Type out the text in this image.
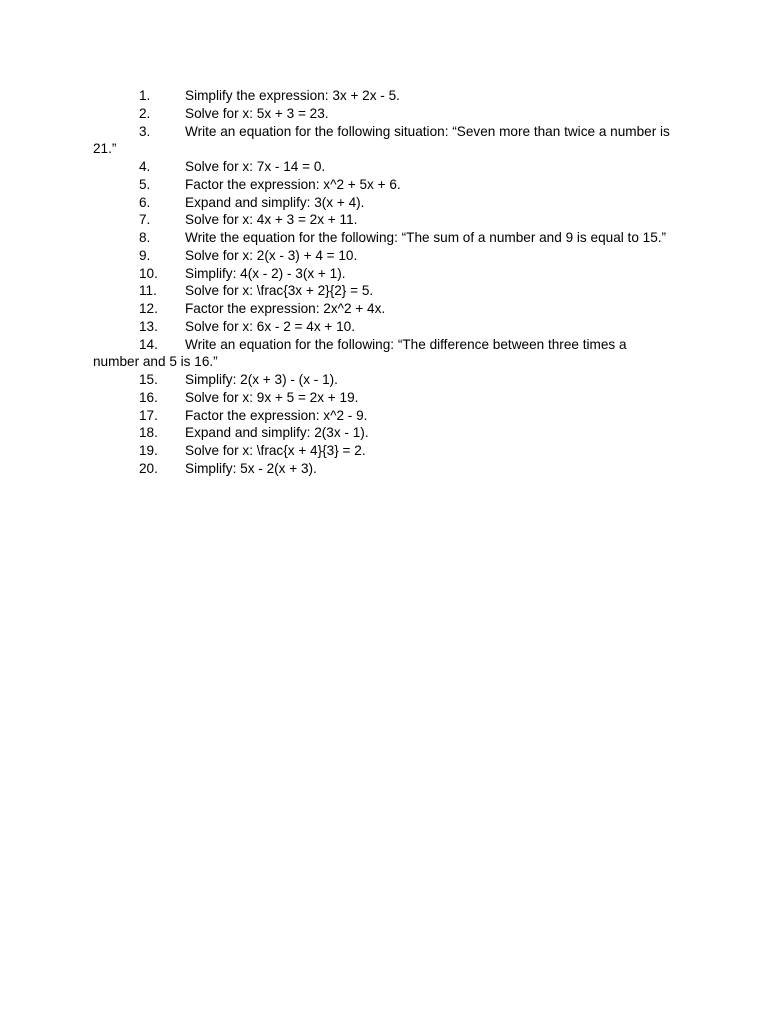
1.	Simplify the expression: 3x + 2x - 5.
2.	Solve for x: 5x + 3 = 23.
3.	Write an equation for the following situation: “Seven more than twice a number is 21.”
4.	Solve for x: 7x - 14 = 0.
5.	Factor the expression: x^2 + 5x + 6.
6.	Expand and simplify: 3(x + 4).
7.	Solve for x: 4x + 3 = 2x + 11.
8.	Write the equation for the following: “The sum of a number and 9 is equal to 15.”
9.	Solve for x: 2(x - 3) + 4 = 10.
10. Simplify: 4(x - 2) - 3(x + 1).
11. Solve for x: \frac{3x + 2}{2} = 5.
12. Factor the expression: 2x^2 + 4x.
13. Solve for x: 6x - 2 = 4x + 10.
14. Write an equation for the following: “The difference between three times a number and 5 is 16.”
15. Simplify: 2(x + 3) - (x - 1).
16. Solve for x: 9x + 5 = 2x + 19.
17. Factor the expression: x^2 - 9.
18. Expand and simplify: 2(3x - 1).
19. Solve for x: \frac{x + 4}{3} = 2.
20. Simplify: 5x - 2(x + 3).
